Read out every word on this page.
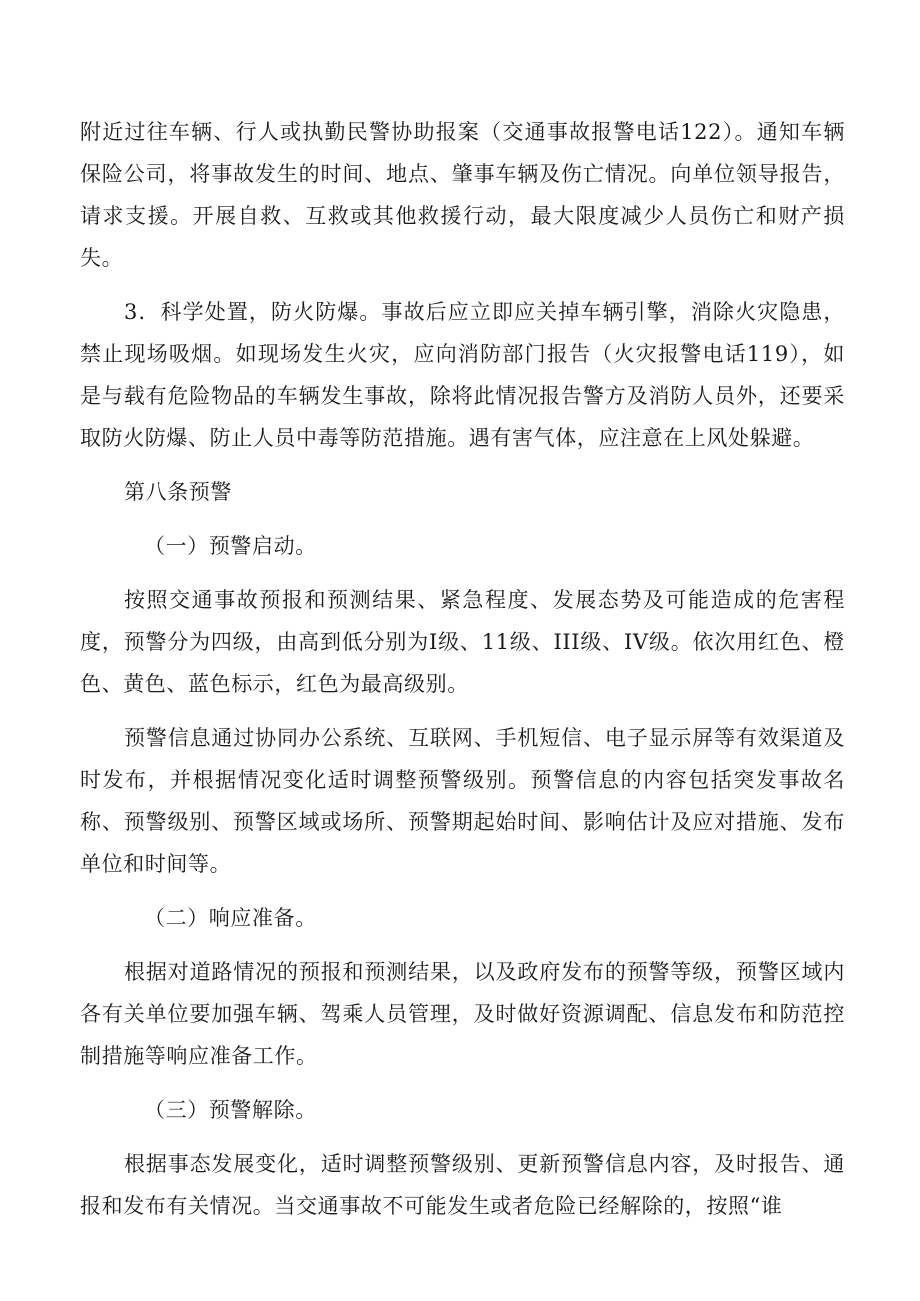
附近过往车辆、行人或执勤民警协助报案（交通事故报警电话122）。通知车辆保险公司，将事故发生的时间、地点、肇事车辆及伤亡情况。向单位领导报告，请求支援。开展自救、互救或其他救援行动，最大限度减少人员伤亡和财产损失。

3．科学处置，防火防爆。事故后应立即应关掉车辆引擎，消除火灾隐患，禁止现场吸烟。如现场发生火灾，应向消防部门报告（火灾报警电话119），如是与载有危险物品的车辆发生事故，除将此情况报告警方及消防人员外，还要采取防火防爆、防止人员中毒等防范措施。遇有害气体，应注意在上风处躲避。

第八条预警

（一）预警启动。

按照交通事故预报和预测结果、紧急程度、发展态势及可能造成的危害程度，预警分为四级，由高到低分别为I级、11级、III级、IV级。依次用红色、橙色、黄色、蓝色标示，红色为最高级别。

预警信息通过协同办公系统、互联网、手机短信、电子显示屏等有效渠道及时发布，并根据情况变化适时调整预警级别。预警信息的内容包括突发事故名称、预警级别、预警区域或场所、预警期起始时间、影响估计及应对措施、发布单位和时间等。

（二）响应准备。

根据对道路情况的预报和预测结果，以及政府发布的预警等级，预警区域内各有关单位要加强车辆、驾乘人员管理，及时做好资源调配、信息发布和防范控制措施等响应准备工作。

（三）预警解除。

根据事态发展变化，适时调整预警级别、更新预警信息内容，及时报告、通报和发布有关情况。当交通事故不可能发生或者危险已经解除的，按照“谁
